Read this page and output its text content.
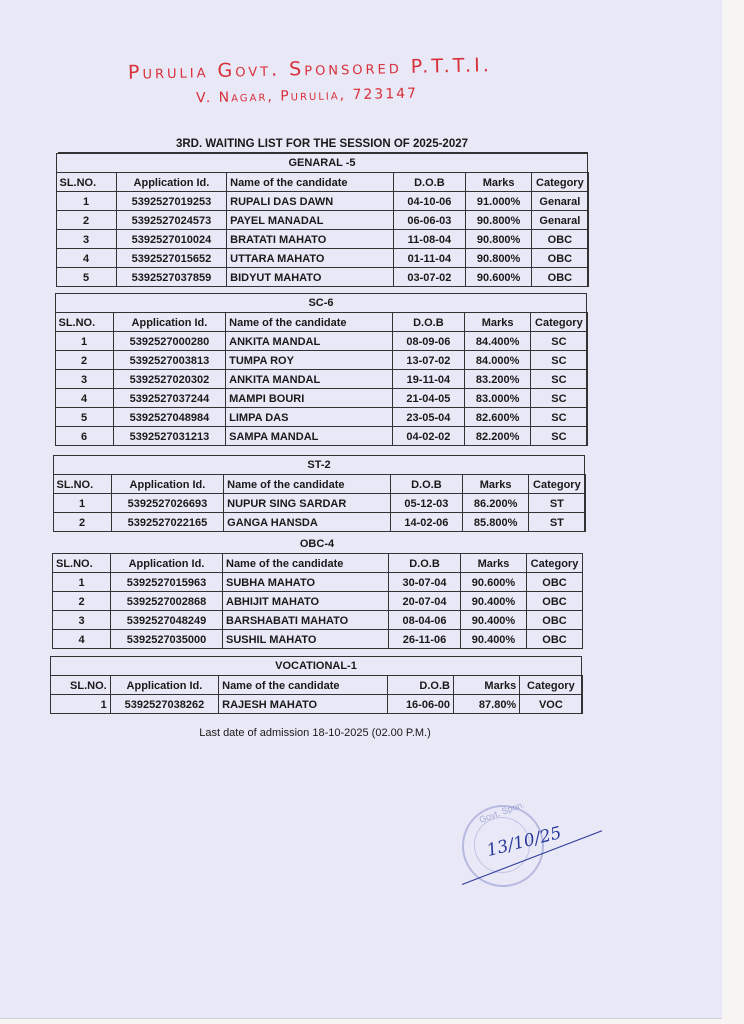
Purulia Govt. Sponsored P.T.T.I.
V. Nagar, Purulia, 723147
3RD. WAITING LIST FOR THE SESSION OF 2025-2027
GENARAL -5
SL.NO.	Application Id.	Name of the candidate	D.O.B	Marks	Category
1	5392527019253	RUPALI DAS DAWN	04-10-06	91.000%	Genaral
2	5392527024573	PAYEL MANADAL	06-06-03	90.800%	Genaral
3	5392527010024	BRATATI MAHATO	11-08-04	90.800%	OBC
4	5392527015652	UTTARA MAHATO	01-11-04	90.800%	OBC
5	5392527037859	BIDYUT MAHATO	03-07-02	90.600%	OBC
SC-6
SL.NO.	Application Id.	Name of the candidate	D.O.B	Marks	Category
1	5392527000280	ANKITA MANDAL	08-09-06	84.400%	SC
2	5392527003813	TUMPA ROY	13-07-02	84.000%	SC
3	5392527020302	ANKITA MANDAL	19-11-04	83.200%	SC
4	5392527037244	MAMPI BOURI	21-04-05	83.000%	SC
5	5392527048984	LIMPA DAS	23-05-04	82.600%	SC
6	5392527031213	SAMPA MANDAL	04-02-02	82.200%	SC
ST-2
SL.NO.	Application Id.	Name of the candidate	D.O.B	Marks	Category
1	5392527026693	NUPUR SING SARDAR	05-12-03	86.200%	ST
2	5392527022165	GANGA HANSDA	14-02-06	85.800%	ST
OBC-4
SL.NO.	Application Id.	Name of the candidate	D.O.B	Marks	Category
1	5392527015963	SUBHA MAHATO	30-07-04	90.600%	OBC
2	5392527002868	ABHIJIT MAHATO	20-07-04	90.400%	OBC
3	5392527048249	BARSHABATI MAHATO	08-04-06	90.400%	OBC
4	5392527035000	SUSHIL MAHATO	26-11-06	90.400%	OBC
VOCATIONAL-1
SL.NO.	Application Id.	Name of the candidate	D.O.B	Marks	Category
1	5392527038262	RAJESH MAHATO	16-06-00	87.80%	VOC
Last date of admission 18-10-2025 (02.00 P.M.)
Govt. Spon.
13/10/25
